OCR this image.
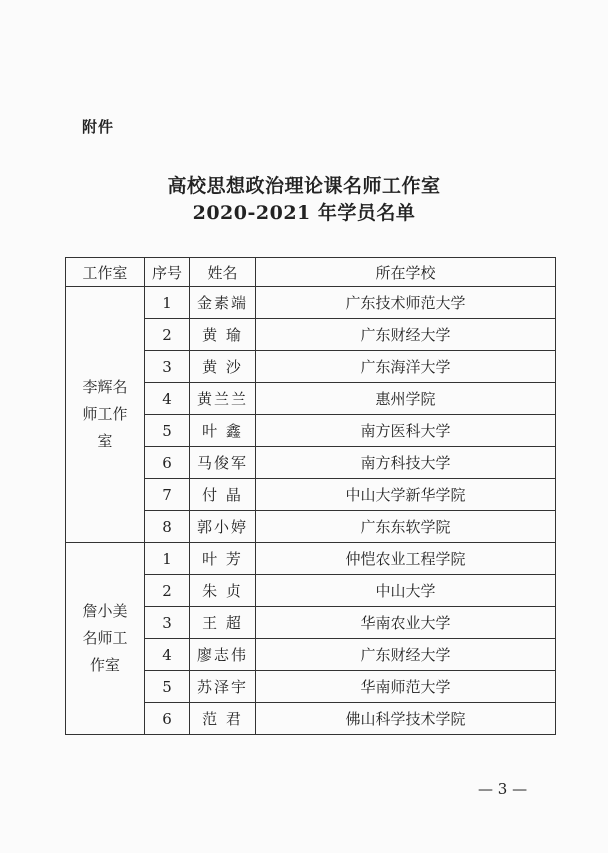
附件
高校思想政治理论课名师工作室
2020-2021 年学员名单
工作室	序号	姓名	所在学校
李辉名师工作室	1	金素端	广东技术师范大学
	2	黄 瑜	广东财经大学
	3	黄 沙	广东海洋大学
	4	黄兰兰	惠州学院
	5	叶 鑫	南方医科大学
	6	马俊军	南方科技大学
	7	付 晶	中山大学新华学院
	8	郭小婷	广东东软学院
詹小美名师工作室	1	叶 芳	仲恺农业工程学院
	2	朱 贞	中山大学
	3	王 超	华南农业大学
	4	廖志伟	广东财经大学
	5	苏泽宇	华南师范大学
	6	范 君	佛山科学技术学院
— 3 —
